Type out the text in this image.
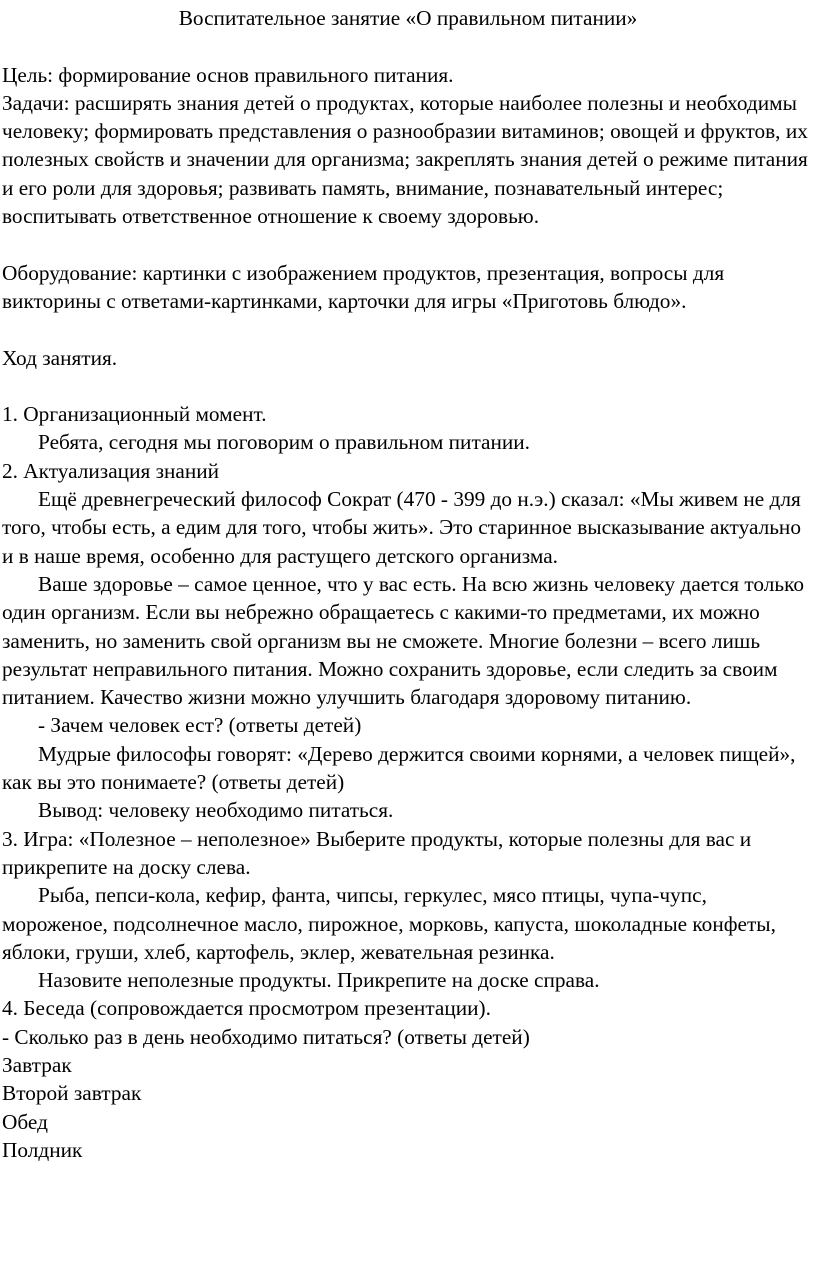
Воспитательное занятие «О правильном питании»

Цель: формирование основ правильного питания.

Задачи: расширять знания детей о продуктах, которые наиболее полезны и необходимы человеку; формировать представления о разнообразии витаминов; овощей и фруктов, их полезных свойств и значении для организма; закреплять знания детей о режиме питания и его роли для здоровья; развивать память, внимание, познавательный интерес; воспитывать ответственное отношение к своему здоровью.

Оборудование: картинки с изображением продуктов, презентация, вопросы для викторины с ответами-картинками, карточки для игры «Приготовь блюдо».

Ход занятия.

1. Организационный момент.

Ребята, сегодня мы поговорим о правильном питании.

2. Актуализация знаний

Ещё древнегреческий философ Сократ (470 - 399 до н.э.) сказал: «Мы живем не для того, чтобы есть, а едим для того, чтобы жить». Это старинное высказывание актуально и в наше время, особенно для растущего детского организма.

Ваше здоровье – самое ценное, что у вас есть. На всю жизнь человеку дается только один организм. Если вы небрежно обращаетесь с какими-то предметами, их можно заменить, но заменить свой организм вы не сможете. Многие болезни – всего лишь результат неправильного питания. Можно сохранить здоровье, если следить за своим питанием. Качество жизни можно улучшить благодаря здоровому питанию.

- Зачем человек ест? (ответы детей)

Мудрые философы говорят: «Дерево держится своими корнями, а человек пищей», как вы это понимаете? (ответы детей)

Вывод: человеку необходимо питаться.

3. Игра: «Полезное – неполезное» Выберите продукты, которые полезны для вас и прикрепите на доску слева.

Рыба, пепси-кола, кефир, фанта, чипсы, геркулес, мясо птицы, чупа-чупс, мороженое, подсолнечное масло, пирожное, морковь, капуста, шоколадные конфеты, яблоки, груши, хлеб, картофель, эклер, жевательная резинка.

Назовите неполезные продукты. Прикрепите на доске справа.

4. Беседа (сопровождается просмотром презентации).

- Сколько раз в день необходимо питаться? (ответы детей)

Завтрак

Второй завтрак

Обед

Полдник
